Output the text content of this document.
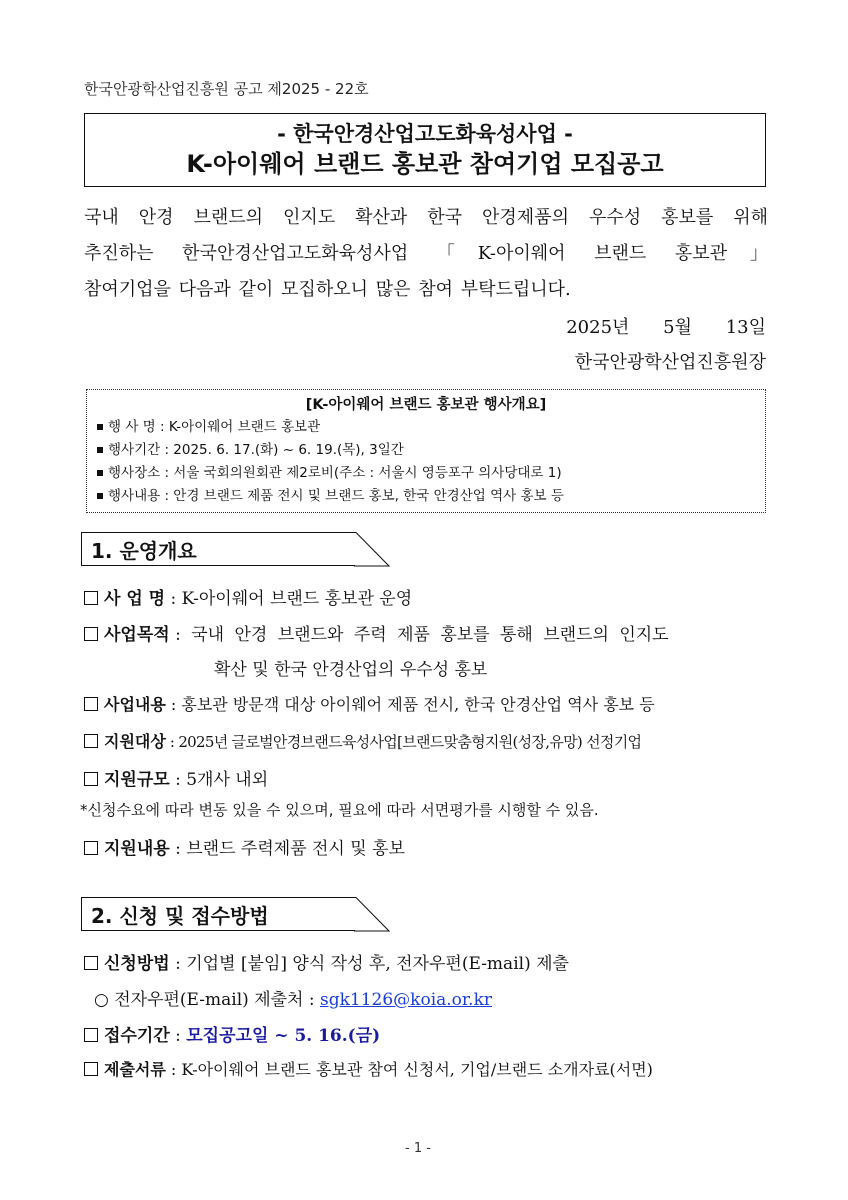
한국안광학산업진흥원 공고 제2025 - 22호
- 한국안경산업고도화육성사업 -
K-아이웨어 브랜드 홍보관 참여기업 모집공고
국내 안경 브랜드의 인지도 확산과 한국 안경제품의 우수성 홍보를 위해
추진하는 한국안경산업고도화육성사업 「K-아이웨어 브랜드 홍보관」
참여기업을 다음과 같이 모집하오니 많은 참여 부탁드립니다.
2025년 5월 13일
한국안광학산업진흥원장
[K-아이웨어 브랜드 홍보관 행사개요]
행 사 명 : K-아이웨어 브랜드 홍보관
행사기간 : 2025. 6. 17.(화) ~ 6. 19.(목), 3일간
행사장소 : 서울 국회의원회관 제2로비(주소 : 서울시 영등포구 의사당대로 1)
행사내용 : 안경 브랜드 제품 전시 및 브랜드 홍보, 한국 안경산업 역사 홍보 등
1. 운영개요
사 업 명 : K-아이웨어 브랜드 홍보관 운영
사업목적 : 국내 안경 브랜드와 주력 제품 홍보를 통해 브랜드의 인지도
확산 및 한국 안경산업의 우수성 홍보
사업내용 : 홍보관 방문객 대상 아이웨어 제품 전시, 한국 안경산업 역사 홍보 등
지원대상 : 2025년 글로벌안경브랜드육성사업[브랜드맞춤형지원(성장,유망) 선정기업
지원규모 : 5개사 내외
*신청수요에 따라 변동 있을 수 있으며, 필요에 따라 서면평가를 시행할 수 있음.
지원내용 : 브랜드 주력제품 전시 및 홍보
2. 신청 및 접수방법
신청방법 : 기업별 [붙임] 양식 작성 후, 전자우편(E-mail) 제출
○ 전자우편(E-mail) 제출처 : sgk1126@koia.or.kr
접수기간 : 모집공고일 ~ 5. 16.(금)
제출서류 : K-아이웨어 브랜드 홍보관 참여 신청서, 기업/브랜드 소개자료(서면)
- 1 -
